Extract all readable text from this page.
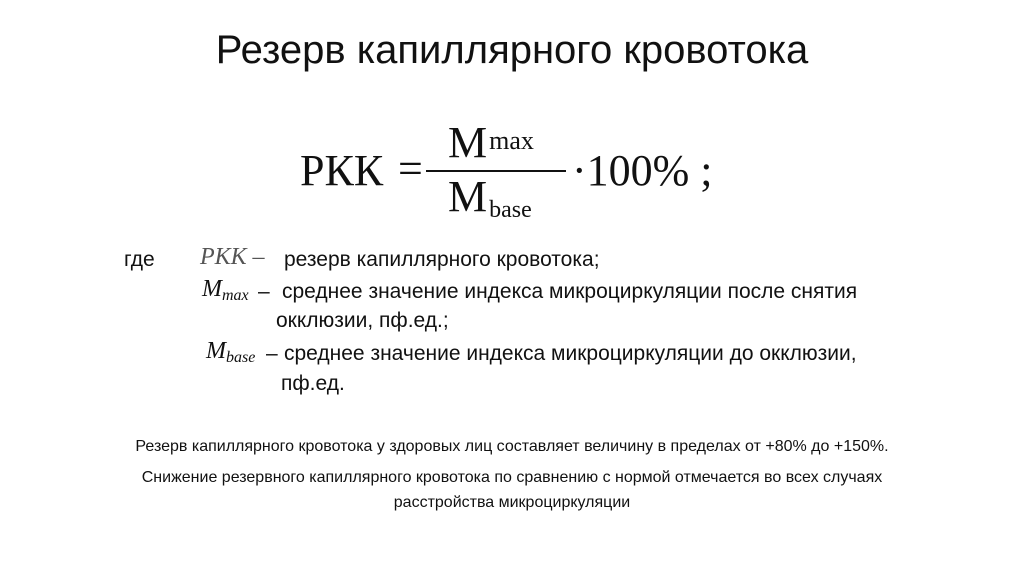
Резерв капиллярного кровотока
РКК =
Mmax
Mbase
·100% ;
где РКК – резерв капиллярного кровотока;
Mmax – среднее значение индекса микроциркуляции после снятия
окклюзии, пф.ед.;
Mbase – среднее значение индекса микроциркуляции до окклюзии,
пф.ед.
Резерв капиллярного кровотока у здоровых лиц составляет величину в пределах от +80% до +150%.
Снижение резервного капиллярного кровотока по сравнению с нормой отмечается во всех случаях
расстройства микроциркуляции
